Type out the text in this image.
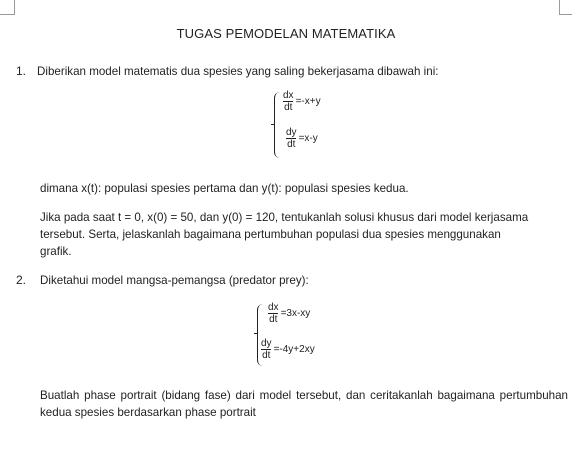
TUGAS PEMODELAN MATEMATIKA
1. Diberikan model matematis dua spesies yang saling bekerjasama dibawah ini:
$\frac{dx}{dt} =-x+y$
$\frac{dy}{dt} =x-y$
dimana x(t): populasi spesies pertama dan y(t): populasi spesies kedua.
Jika pada saat t = 0, x(0) = 50, dan y(0) = 120, tentukanlah solusi khusus dari model kerjasama tersebut. Serta, jelaskanlah bagaimana pertumbuhan populasi dua spesies menggunakan grafik.
2. Diketahui model mangsa-pemangsa (predator prey):
$\frac{dx}{dt} =3x-xy$
$\frac{dy}{dt} =-4y+2xy$
Buatlah phase portrait (bidang fase) dari model tersebut, dan ceritakanlah bagaimana pertumbuhan kedua spesies berdasarkan phase portrait
